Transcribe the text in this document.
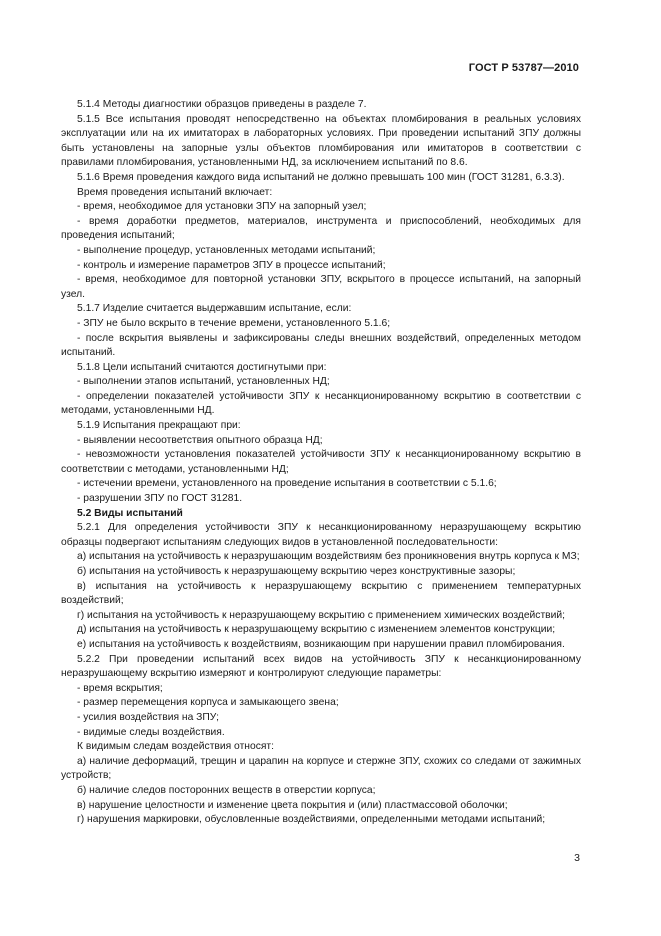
ГОСТ Р 53787—2010

5.1.4 Методы диагностики образцов приведены в разделе 7.

5.1.5 Все испытания проводят непосредственно на объектах пломбирования в реальных условиях эксплуатации или на их имитаторах в лабораторных условиях. При проведении испытаний ЗПУ должны быть установлены на запорные узлы объектов пломбирования или имитаторов в соответствии с правилами пломбирования, установленными НД, за исключением испытаний по 8.6.

5.1.6 Время проведения каждого вида испытаний не должно превышать 100 мин (ГОСТ 31281, 6.3.3).

Время проведения испытаний включает:

- время, необходимое для установки ЗПУ на запорный узел;

- время доработки предметов, материалов, инструмента и приспособлений, необходимых для проведения испытаний;

- выполнение процедур, установленных методами испытаний;

- контроль и измерение параметров ЗПУ в процессе испытаний;

- время, необходимое для повторной установки ЗПУ, вскрытого в процессе испытаний, на запорный узел.

5.1.7 Изделие считается выдержавшим испытание, если:

- ЗПУ не было вскрыто в течение времени, установленного 5.1.6;

- после вскрытия выявлены и зафиксированы следы внешних воздействий, определенных методом испытаний.

5.1.8 Цели испытаний считаются достигнутыми при:

- выполнении этапов испытаний, установленных НД;

- определении показателей устойчивости ЗПУ к несанкционированному вскрытию в соответствии с методами, установленными НД.

5.1.9 Испытания прекращают при:

- выявлении несоответствия опытного образца НД;

- невозможности установления показателей устойчивости ЗПУ к несанкционированному вскрытию в соответствии с методами, установленными НД;

- истечении времени, установленного на проведение испытания в соответствии с 5.1.6;

- разрушении ЗПУ по ГОСТ 31281.

5.2 Виды испытаний

5.2.1 Для определения устойчивости ЗПУ к несанкционированному неразрушающему вскрытию образцы подвергают испытаниям следующих видов в установленной последовательности:

а) испытания на устойчивость к неразрушающим воздействиям без проникновения внутрь корпуса к МЗ;

б) испытания на устойчивость к неразрушающему вскрытию через конструктивные зазоры;

в) испытания на устойчивость к неразрушающему вскрытию с применением температурных воздействий;

г) испытания на устойчивость к неразрушающему вскрытию с применением химических воздействий;

д) испытания на устойчивость к неразрушающему вскрытию с изменением элементов конструкции;

е) испытания на устойчивость к воздействиям, возникающим при нарушении правил пломбирования.

5.2.2 При проведении испытаний всех видов на устойчивость ЗПУ к несанкционированному неразрушающему вскрытию измеряют и контролируют следующие параметры:

- время вскрытия;

- размер перемещения корпуса и замыкающего звена;

- усилия воздействия на ЗПУ;

- видимые следы воздействия.

К видимым следам воздействия относят:

а) наличие деформаций, трещин и царапин на корпусе и стержне ЗПУ, схожих со следами от зажимных устройств;

б) наличие следов посторонних веществ в отверстии корпуса;

в) нарушение целостности и изменение цвета покрытия и (или) пластмассовой оболочки;

г) нарушения маркировки, обусловленные воздействиями, определенными методами испытаний;

3
